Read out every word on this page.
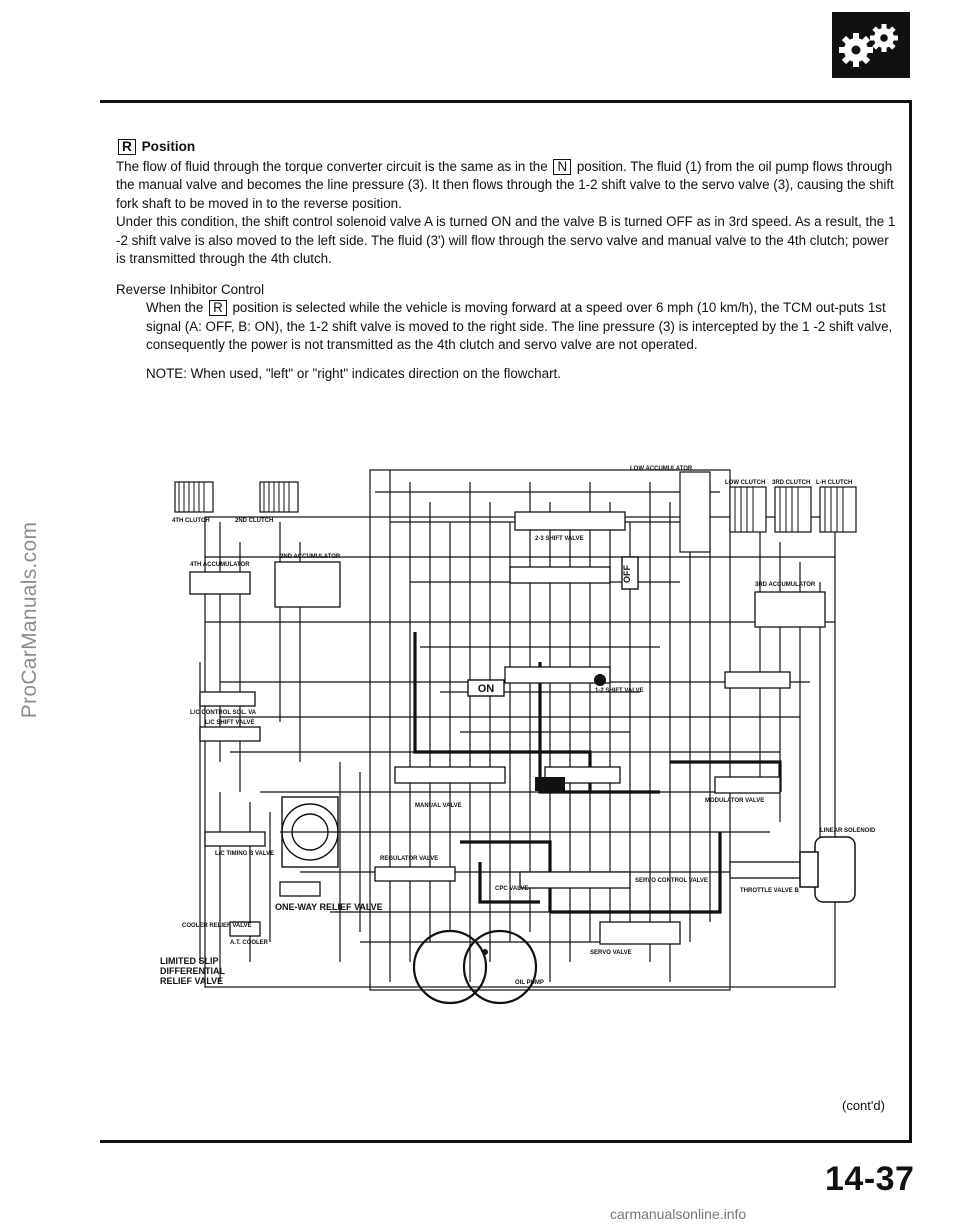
ProCarManuals.com
R Position

The flow of fluid through the torque converter circuit is the same as in the N position. The fluid (1) from the oil pump flows through the manual valve and becomes the line pressure (3). It then flows through the 1-2 shift valve to the servo valve (3), causing the shift fork shaft to be moved in to the reverse position.

Under this condition, the shift control solenoid valve A is turned ON and the valve B is turned OFF as in 3rd speed. As a result, the 1 -2 shift valve is also moved to the left side. The fluid (3') will flow through the servo valve and manual valve to the 4th clutch; power is transmitted through the 4th clutch.

Reverse Inhibitor Control

When the R position is selected while the vehicle is moving forward at a speed over 6 mph (10 km/h), the TCM out-puts 1st signal (A: OFF, B: ON), the 1-2 shift valve is moved to the right side. The line pressure (3) is intercepted by the 1 -2 shift valve, consequently the power is not transmitted as the 4th clutch and servo valve are not operated.

NOTE: When used, "left" or "right" indicates direction on the flowchart.

ON
OFF
4TH CLUTCH	2ND CLUTCH
LOW CLUTCH 3RD CLUTCH L-H CLUTCH
4TH ACCUMULATOR
2ND ACCUMULATOR
3RD ACCUMULATOR
LOW ACCUMULATOR
2-3 SHIFT VALVE
1-2 SHIFT VALVE
MANUAL VALVE
MODULATOR VALVE
SERVO VALVE
OIL PUMP
REGULATOR VALVE
LINEAR SOLENOID
THROTTLE VALVE B
SERVO CONTROL VALVE
COOLER RELIEF VALVE
L/C CONTROL SOL. VA
L/C SHIFT VALVE
L/C TIMING B VALVE
CPC VALVE
A.T. COOLER
ONE-WAY RELIEF VALVE
LIMITED SLIP
DIFFERENTIAL
RELIEF VALVE
(cont'd)
14-37
carmanualsonline.info
